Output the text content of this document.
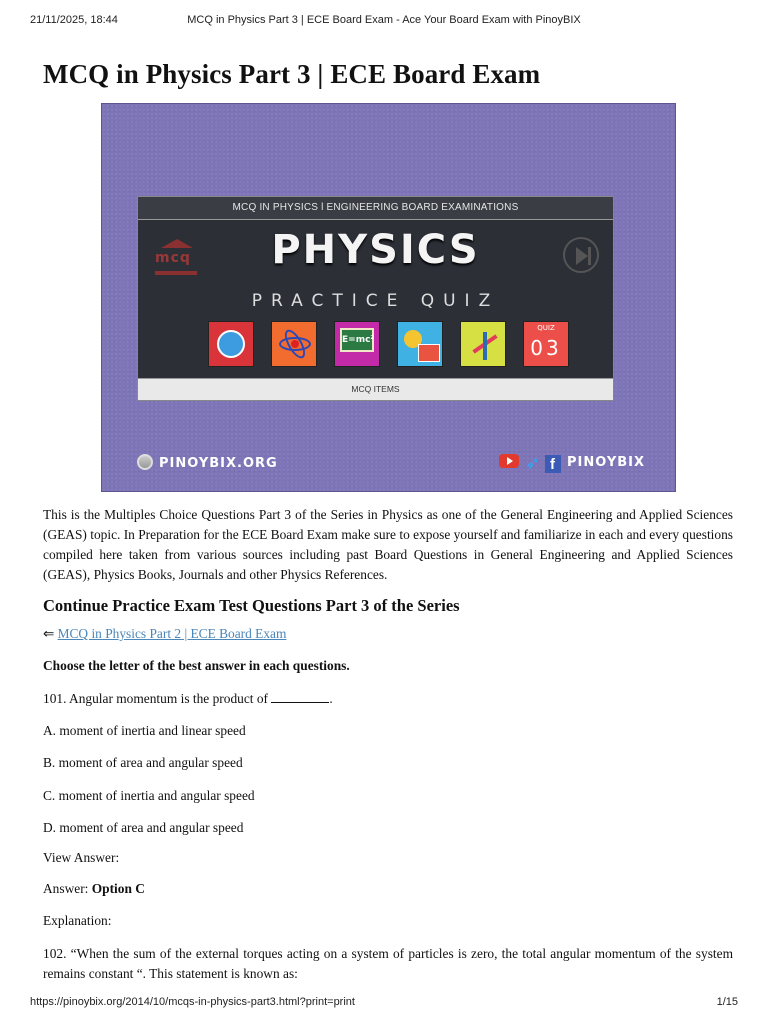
21/11/2025, 18:44	MCQ in Physics Part 3 | ECE Board Exam - Ace Your Board Exam with PinoyBIX
MCQ in Physics Part 3 | ECE Board Exam
MCQ IN PHYSICS l ENGINEERING BOARD EXAMINATIONS
mcq	PHYSICS
PRACTICE QUIZ
E=mc²
QUIZ
03
MCQ ITEMS
PINOYBIX.ORG	➶ f PINOYBIX

This is the Multiples Choice Questions Part 3 of the Series in Physics as one of the General Engineering and Applied Sciences (GEAS) topic. In Preparation for the ECE Board Exam make sure to expose yourself and familiarize in each and every questions compiled here taken from various sources including past Board Questions in General Engineering and Applied Sciences (GEAS), Physics Books, Journals and other Physics References.

Continue Practice Exam Test Questions Part 3 of the Series
⇐ MCQ in Physics Part 2 | ECE Board Exam
Choose the letter of the best answer in each questions.
101. Angular momentum is the product of	.
A. moment of inertia and linear speed
B. moment of area and angular speed
C. moment of inertia and angular speed
D. moment of area and angular speed
View Answer:
Answer: Option C
Explanation:
102. “When the sum of the external torques acting on a system of particles is zero, the total angular momentum of the system remains constant “. This statement is known as:
https://pinoybix.org/2014/10/mcqs-in-physics-part3.html?print=print	1/15
